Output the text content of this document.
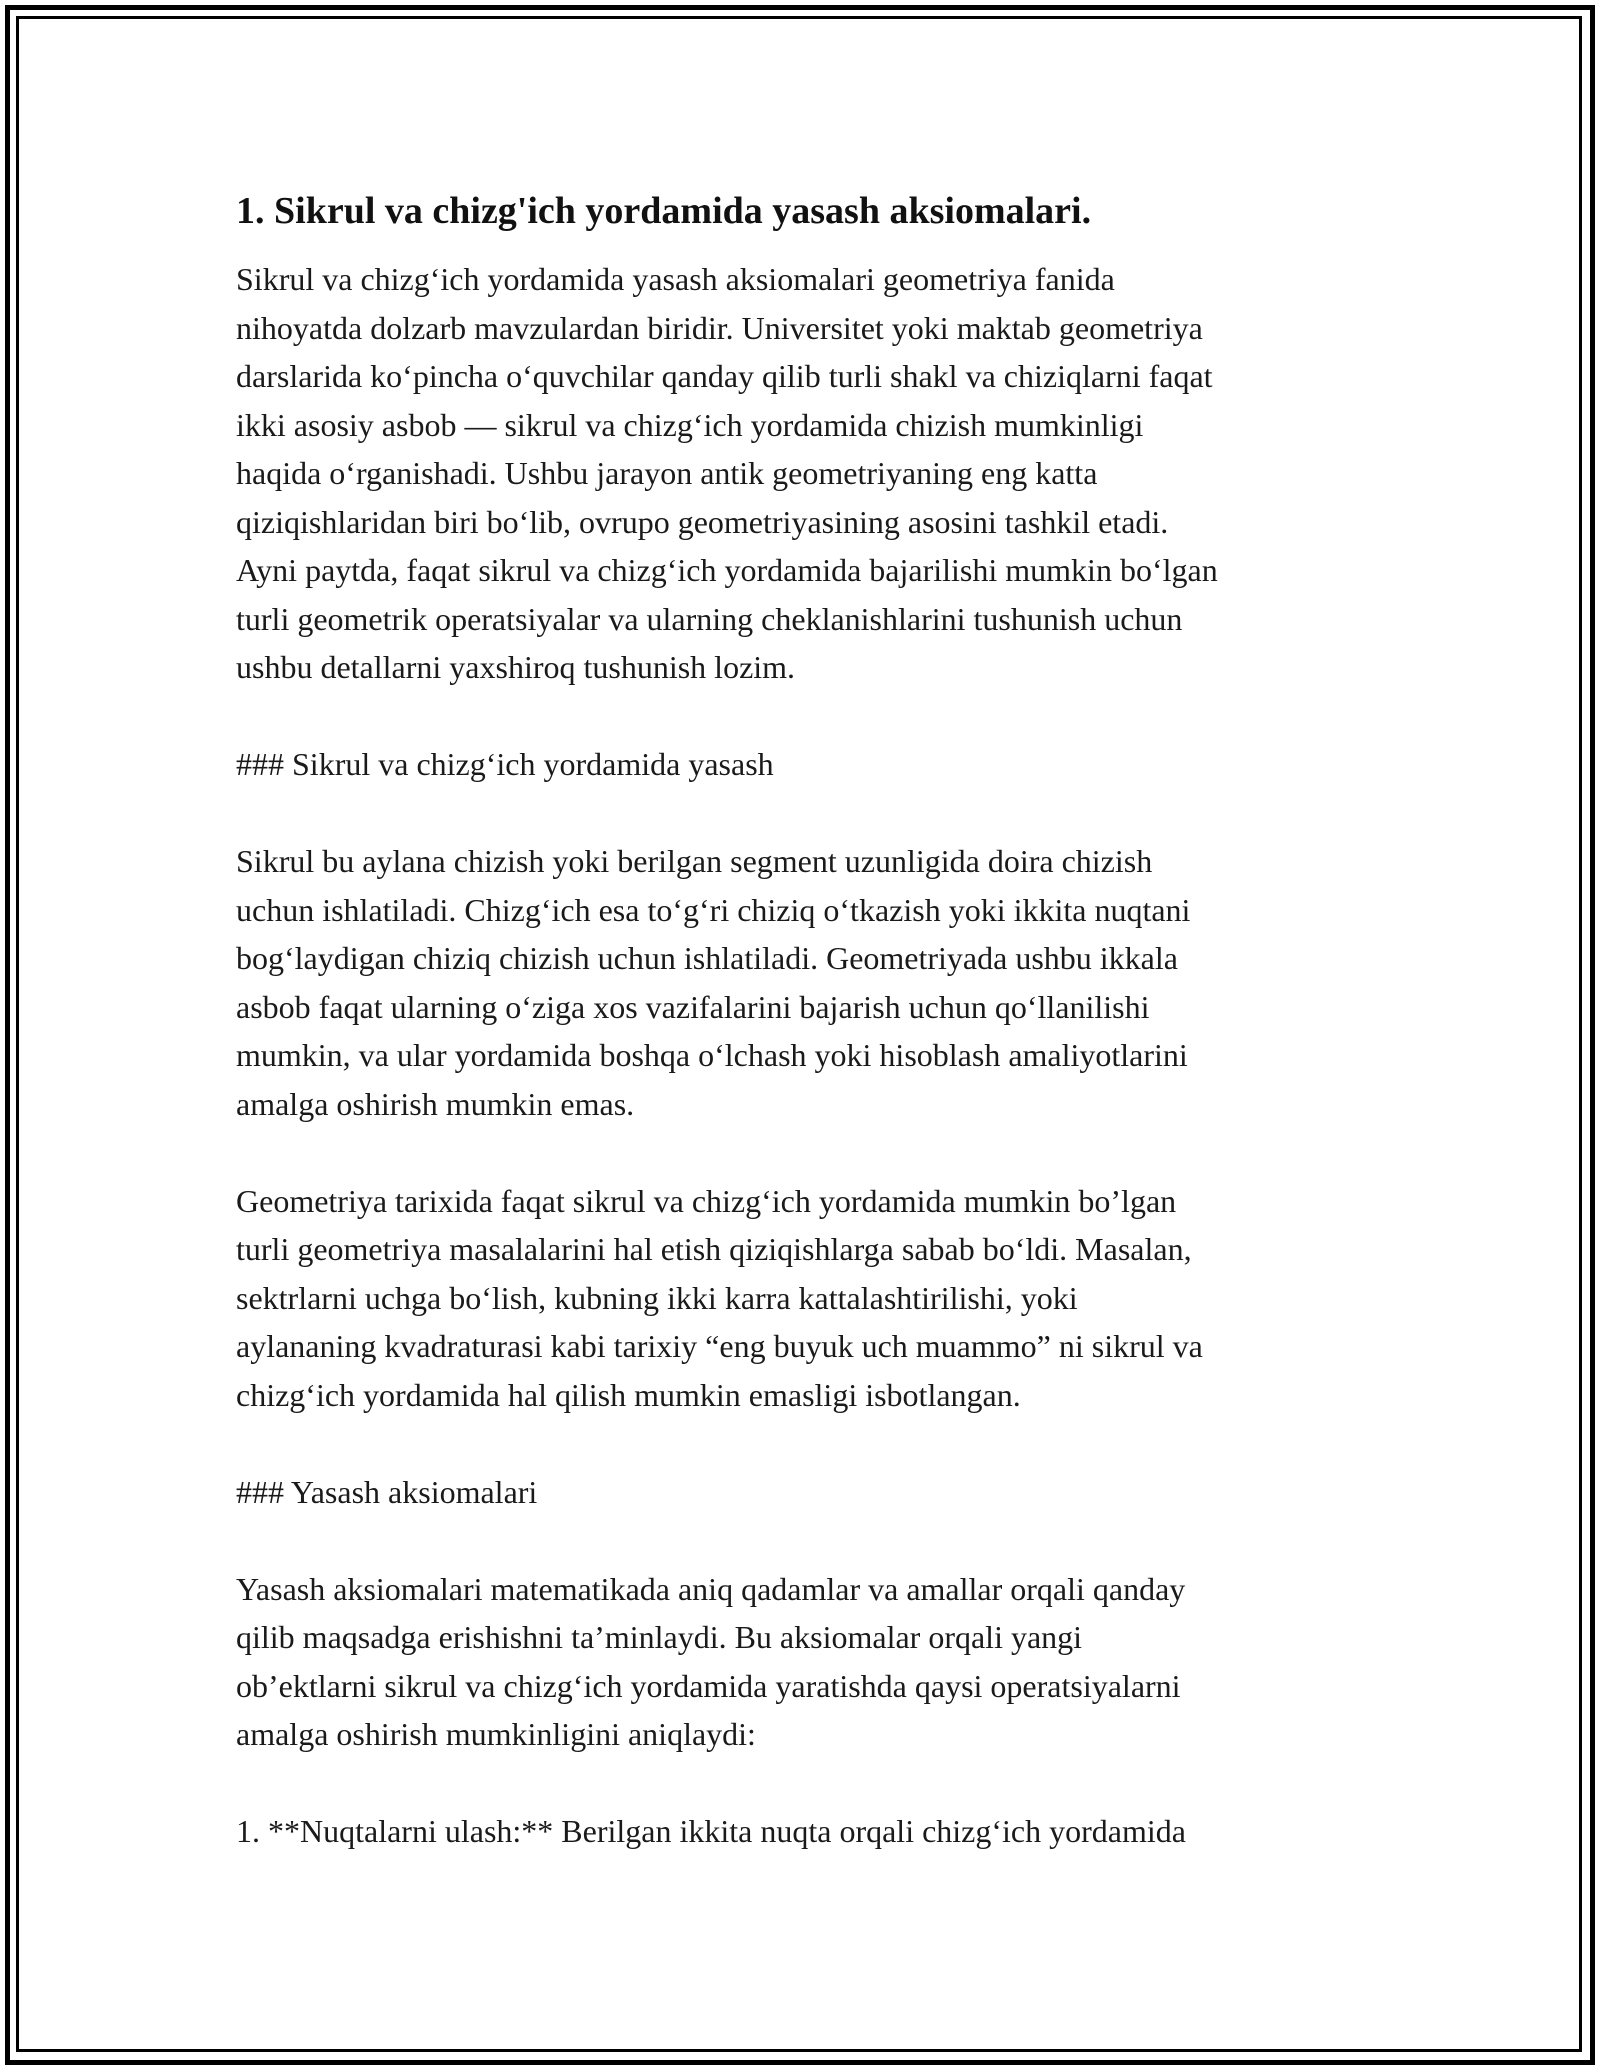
1. Sikrul va chizg'ich yordamida yasash aksiomalari.
Sikrul va chizg‘ich yordamida yasash aksiomalari geometriya fanida
nihoyatda dolzarb mavzulardan biridir. Universitet yoki maktab geometriya
darslarida ko‘pincha o‘quvchilar qanday qilib turli shakl va chiziqlarni faqat
ikki asosiy asbob — sikrul va chizg‘ich yordamida chizish mumkinligi
haqida o‘rganishadi. Ushbu jarayon antik geometriyaning eng katta
qiziqishlaridan biri bo‘lib, ovrupo geometriyasining asosini tashkil etadi.
Ayni paytda, faqat sikrul va chizg‘ich yordamida bajarilishi mumkin bo‘lgan
turli geometrik operatsiyalar va ularning cheklanishlarini tushunish uchun
ushbu detallarni yaxshiroq tushunish lozim.
### Sikrul va chizg‘ich yordamida yasash
Sikrul bu aylana chizish yoki berilgan segment uzunligida doira chizish
uchun ishlatiladi. Chizg‘ich esa to‘g‘ri chiziq o‘tkazish yoki ikkita nuqtani
bog‘laydigan chiziq chizish uchun ishlatiladi. Geometriyada ushbu ikkala
asbob faqat ularning o‘ziga xos vazifalarini bajarish uchun qo‘llanilishi
mumkin, va ular yordamida boshqa o‘lchash yoki hisoblash amaliyotlarini
amalga oshirish mumkin emas.
Geometriya tarixida faqat sikrul va chizg‘ich yordamida mumkin bo’lgan
turli geometriya masalalarini hal etish qiziqishlarga sabab bo‘ldi. Masalan,
sektrlarni uchga bo‘lish, kubning ikki karra kattalashtirilishi, yoki
aylananing kvadraturasi kabi tarixiy “eng buyuk uch muammo” ni sikrul va
chizg‘ich yordamida hal qilish mumkin emasligi isbotlangan.
### Yasash aksiomalari
Yasash aksiomalari matematikada aniq qadamlar va amallar orqali qanday
qilib maqsadga erishishni ta’minlaydi. Bu aksiomalar orqali yangi
ob’ektlarni sikrul va chizg‘ich yordamida yaratishda qaysi operatsiyalarni
amalga oshirish mumkinligini aniqlaydi:
1. **Nuqtalarni ulash:** Berilgan ikkita nuqta orqali chizg‘ich yordamida
